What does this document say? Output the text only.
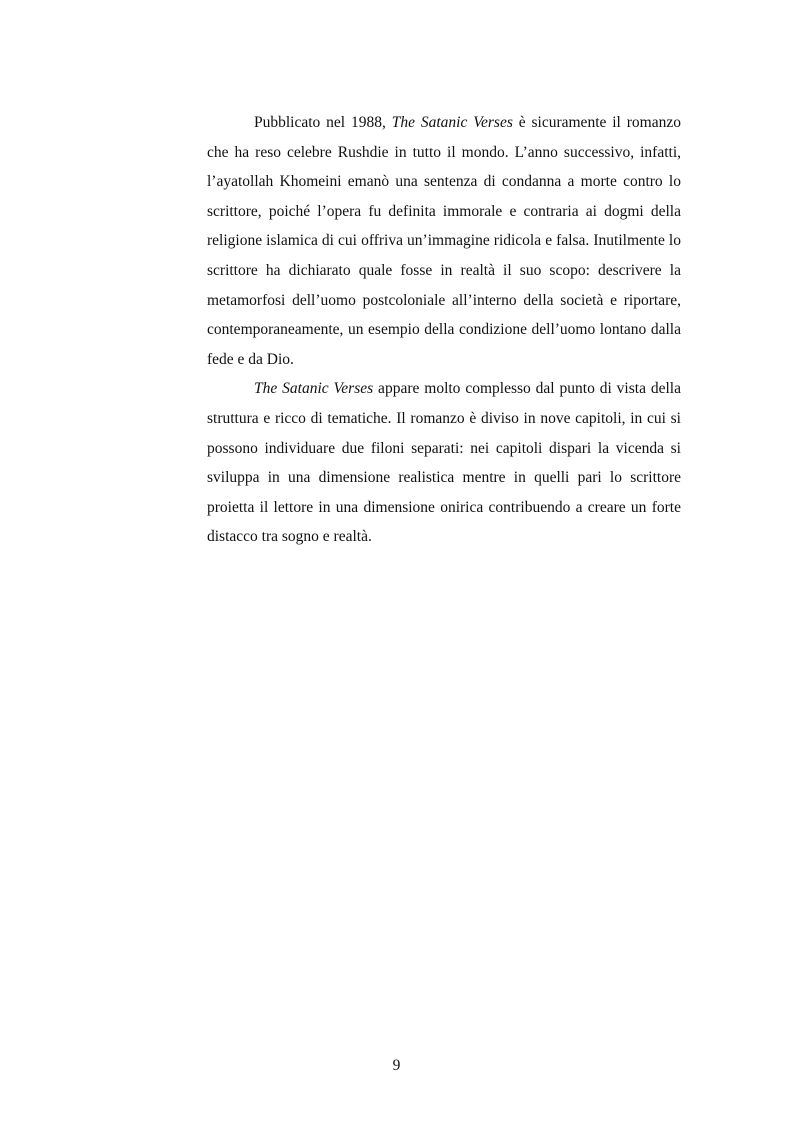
Pubblicato nel 1988, The Satanic Verses è sicuramente il romanzo che ha reso celebre Rushdie in tutto il mondo. L’anno successivo, infatti, l’ayatollah Khomeini emanò una sentenza di condanna a morte contro lo scrittore, poiché l’opera fu definita immorale e contraria ai dogmi della religione islamica di cui offriva un’immagine ridicola e falsa. Inutilmente lo scrittore ha dichiarato quale fosse in realtà il suo scopo: descrivere la metamorfosi dell’uomo postcoloniale all’interno della società e riportare, contemporaneamente, un esempio della condizione dell’uomo lontano dalla fede e da Dio.

The Satanic Verses appare molto complesso dal punto di vista della struttura e ricco di tematiche. Il romanzo è diviso in nove capitoli, in cui si possono individuare due filoni separati: nei capitoli dispari la vicenda si sviluppa in una dimensione realistica mentre in quelli pari lo scrittore proietta il lettore in una dimensione onirica contribuendo a creare un forte distacco tra sogno e realtà.

9
